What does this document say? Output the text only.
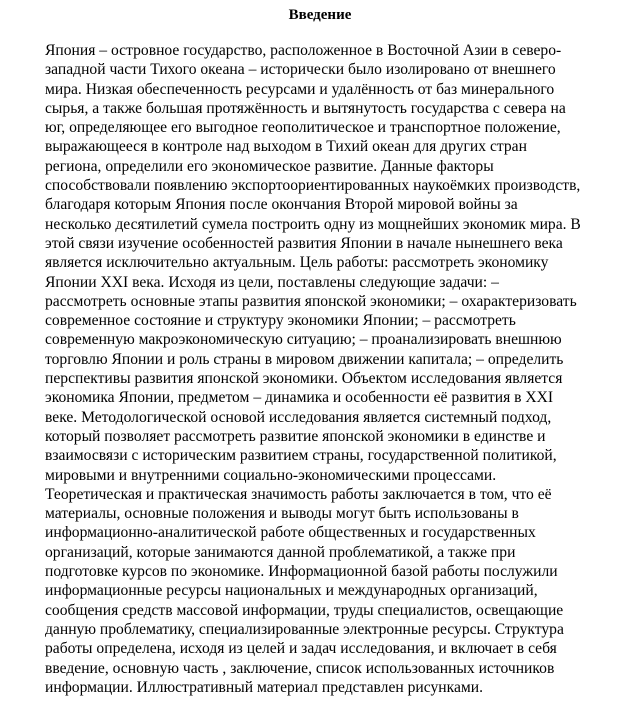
Введение
Япония – островное государство, расположенное в Восточной Азии в северо-
западной части Тихого океана – исторически было изолировано от внешнего
мира. Низкая обеспеченность ресурсами и удалённость от баз минерального
сырья, а также большая протяжённость и вытянутость государства с севера на
юг, определяющее его выгодное геополитическое и транспортное положение,
выражающееся в контроле над выходом в Тихий океан для других стран
региона, определили его экономическое развитие. Данные факторы
способствовали появлению экспортоориентированных наукоёмких производств,
благодаря которым Япония после окончания Второй мировой войны за
несколько десятилетий сумела построить одну из мощнейших экономик мира. В
этой связи изучение особенностей развития Японии в начале нынешнего века
является исключительно актуальным. Цель работы: рассмотреть экономику
Японии XXI века. Исходя из цели, поставлены следующие задачи: –
рассмотреть основные этапы развития японской экономики; – охарактеризовать
современное состояние и структуру экономики Японии; – рассмотреть
современную макроэкономическую ситуацию; – проанализировать внешнюю
торговлю Японии и роль страны в мировом движении капитала; – определить
перспективы развития японской экономики. Объектом исследования является
экономика Японии, предметом – динамика и особенности её развития в XXI
веке. Методологической основой исследования является системный подход,
который позволяет рассмотреть развитие японской экономики в единстве и
взаимосвязи с историческим развитием страны, государственной политикой,
мировыми и внутренними социально-экономическими процессами.
Теоретическая и практическая значимость работы заключается в том, что её
материалы, основные положения и выводы могут быть использованы в
информационно-аналитической работе общественных и государственных
организаций, которые занимаются данной проблематикой, а также при
подготовке курсов по экономике. Информационной базой работы послужили
информационные ресурсы национальных и международных организаций,
сообщения средств массовой информации, труды специалистов, освещающие
данную проблематику, специализированные электронные ресурсы. Структура
работы определена, исходя из целей и задач исследования, и включает в себя
введение, основную часть , заключение, список использованных источников
информации. Иллюстративный материал представлен рисунками.
